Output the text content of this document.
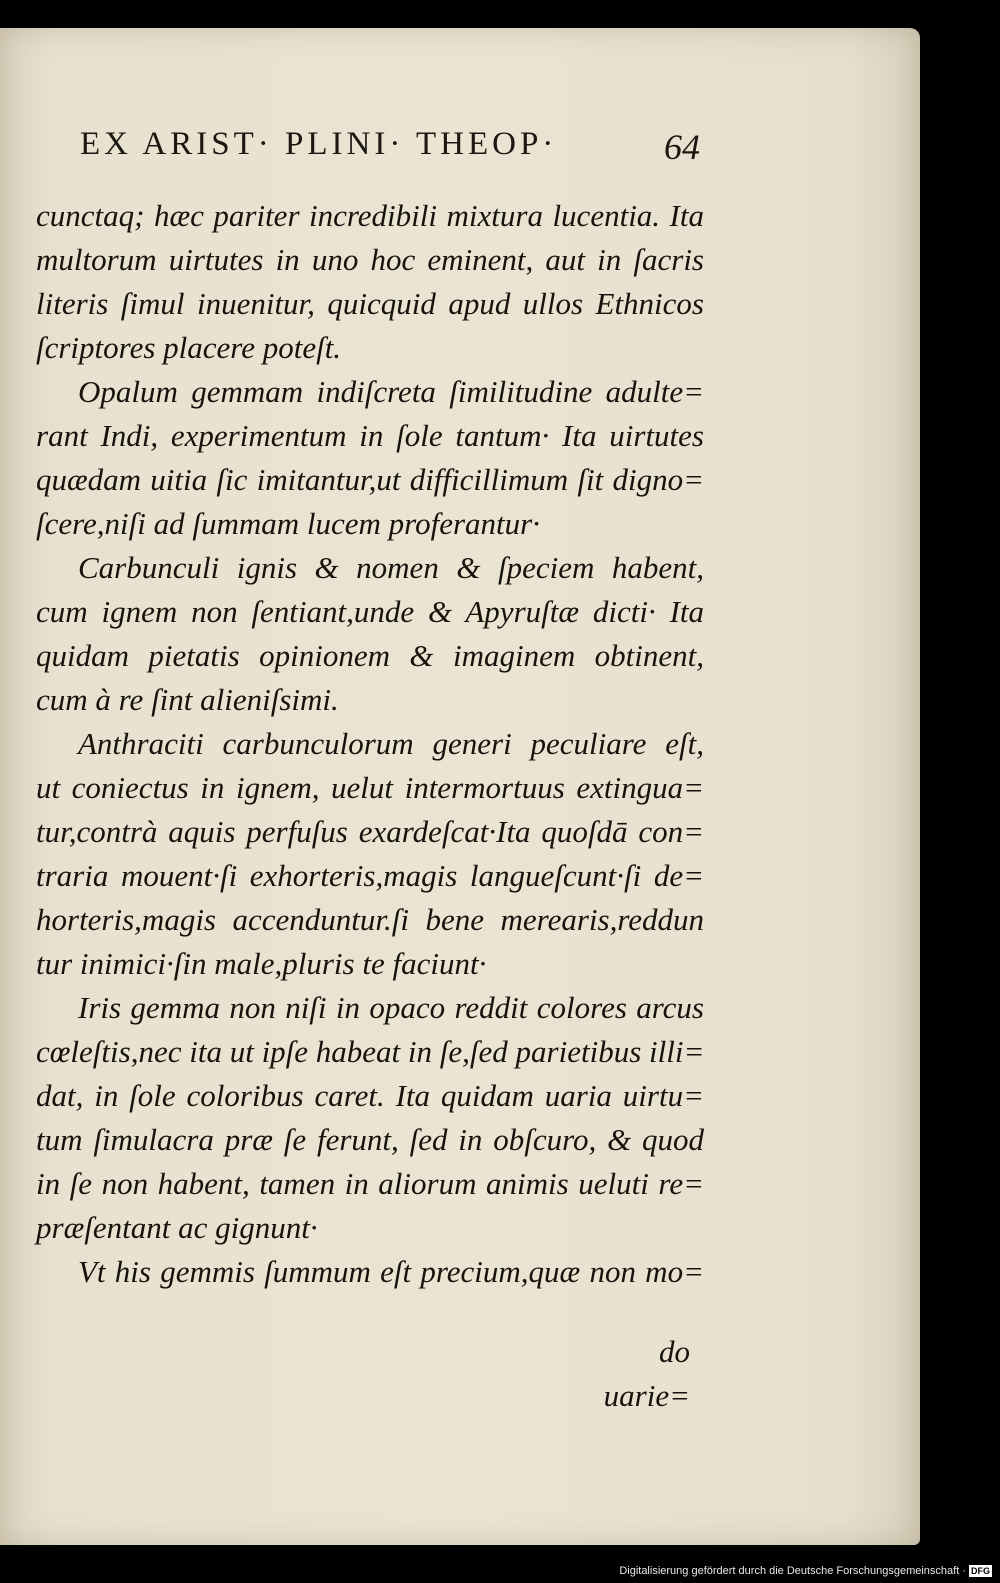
EX ARIST· PLINI· THEOP·	64
cunctaq; hæc pariter incredibili mixtura lucentia. Ita
multorum uirtutes in uno hoc eminent, aut in ſacris
literis ſimul inuenitur, quicquid apud ullos Ethnicos
ſcriptores placere poteſt.
Opalum gemmam indiſcreta ſimilitudine adulte=
rant Indi, experimentum in ſole tantum· Ita uirtutes
quædam uitia ſic imitantur,ut difficillimum ſit digno=
ſcere,niſi ad ſummam lucem proferantur·
Carbunculi ignis & nomen & ſpeciem habent,
cum ignem non ſentiant,unde & Apyruſtæ dicti· Ita
quidam pietatis opinionem & imaginem obtinent,
cum à re ſint alieniſsimi.
Anthraciti carbunculorum generi peculiare eſt,
ut coniectus in ignem, uelut intermortuus extingua=
tur,contrà aquis perfuſus exardeſcat·Ita quoſdā con=
traria mouent·ſi exhorteris,magis langueſcunt·ſi de=
horteris,magis accenduntur.ſi bene merearis,reddun
tur inimici·ſin male,pluris te faciunt·
Iris gemma non niſi in opaco reddit colores arcus
cœleſtis,nec ita ut ipſe habeat in ſe,ſed parietibus illi=
dat, in ſole coloribus caret. Ita quidam uaria uirtu=
tum ſimulacra præ ſe ferunt, ſed in obſcuro, & quod
in ſe non habent, tamen in aliorum animis ueluti re=
præſentant ac gignunt·
Vt his gemmis ſummum eſt precium,quæ non mo=
do uarie=
Digitalisierung gefördert durch die Deutsche Forschungsgemeinschaft · DFG
